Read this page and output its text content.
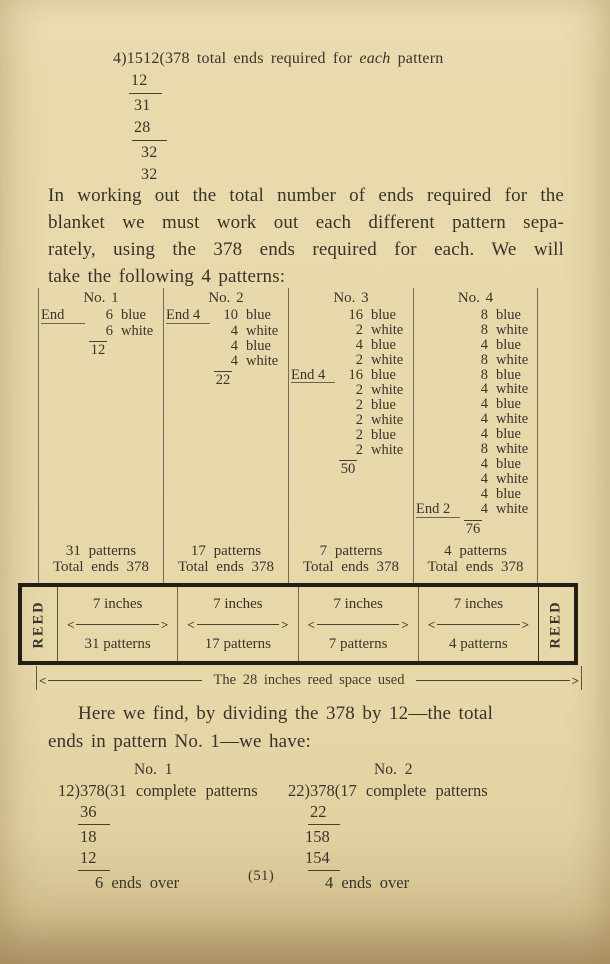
4)1512(378 total ends required for each pattern
12
31
28
32
32
In working out the total number of ends required for the
blanket we must work out each different pattern sepa-
rately, using the 378 ends required for each. We will
take the following 4 patterns:
No. 1
End	6 blue
6 white
12
31 patterns
Total ends 378
No. 2
End 4	10 blue
4 white
4 blue
4 white
22
17 patterns
Total ends 378
No. 3
16 blue
2 white
4 blue
2 white
End 4	16 blue
2 white
2 blue
2 white
2 blue
2 white
50
7 patterns
Total ends 378
No. 4
8 blue
8 white
4 blue
8 white
8 blue
4 white
4 blue
4 white
4 blue
8 white
4 blue
4 white
4 blue
End 2	4 white
76
4 patterns
Total ends 378
REED	7 inches
<	>
31 patterns
7 inches
<	>
17 patterns
7 inches
<	>
7 patterns
7 inches
<	>
4 patterns	REED
<	The 28 inches reed space used	>
Here we find, by dividing the 378 by 12—the total
ends in pattern No. 1—we have:
No. 1
12)378(31 complete patterns
36
18
12
6 ends over
No. 2
22)378(17 complete patterns
22
158
154
4 ends over
(51)
